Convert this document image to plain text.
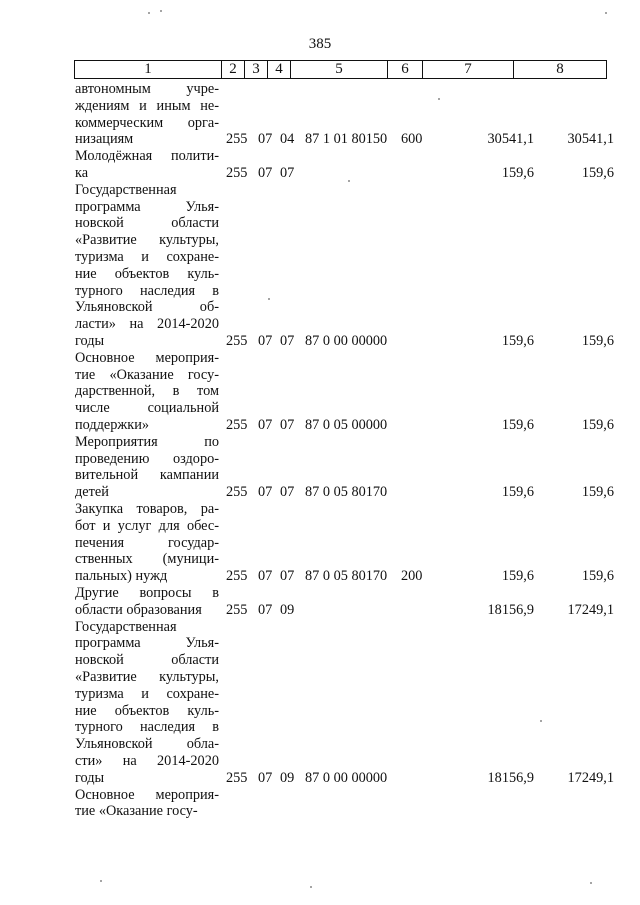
385
1	2	3	4	5	6	7	8
автономным учре-
ждениям и иным не-
коммерческим орга-
низациям	255 07 04 87 1 01 80150 600	30541,1 30541,1
Молодёжная полити-
ка	255 07 07	159,6	159,6
Государственная
программа Улья-
новской области
«Развитие культуры,
туризма и сохране-
ние объектов куль-
турного наследия в
Ульяновской об-
ласти» на 2014-2020
годы	255 07 07 87 0 00 00000	159,6	159,6
Основное мероприя-
тие «Оказание госу-
дарственной, в том
числе социальной
поддержки»	255 07 07 87 0 05 00000	159,6	159,6
Мероприятия по
проведению оздоро-
вительной кампании
детей	255 07 07 87 0 05 80170	159,6	159,6
Закупка товаров, ра-
бот и услуг для обес-
печения государ-
ственных (муници-
пальных) нужд	255 07 07 87 0 05 80170 200	159,6	159,6
Другие вопросы в
области образования	255 07 09	18156,9 17249,1
Государственная
программа Улья-
новской области
«Развитие культуры,
туризма и сохране-
ние объектов куль-
турного наследия в
Ульяновской обла-
сти» на 2014-2020
годы	255 07 09 87 0 00 00000	18156,9 17249,1
Основное мероприя-
тие «Оказание госу-
